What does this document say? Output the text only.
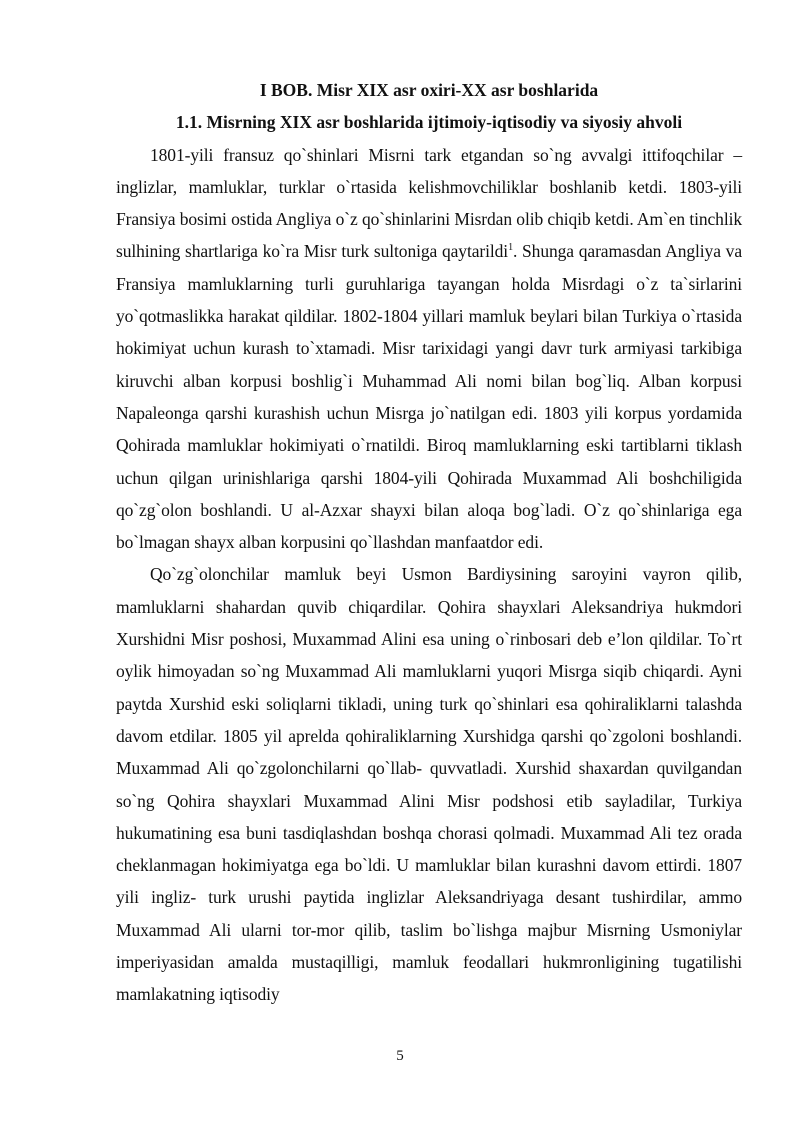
I BOB. Misr XIX asr oxiri-XX asr boshlarida
1.1. Misrning XIX asr boshlarida ijtimoiy-iqtisodiy va siyosiy ahvoli

1801-yili fransuz qo`shinlari Misrni tark etgandan so`ng avvalgi ittifoqchilar – inglizlar, mamluklar, turklar o`rtasida kelishmovchiliklar boshlanib ketdi. 1803-yili Fransiya bosimi ostida Angliya o`z qo`shinlarini Misrdan olib chiqib ketdi. Am`en tinchlik sulhining shartlariga ko`ra Misr turk sultoniga qaytarildi$^1$. Shunga qaramasdan Angliya va Fransiya mamluklarning turli guruhlariga tayangan holda Misrdagi o`z ta`sirlarini yo`qotmaslikka harakat qildilar. 1802-1804 yillari mamluk beylari bilan Turkiya o`rtasida hokimiyat uchun kurash to`xtamadi. Misr tarixidagi yangi davr turk armiyasi tarkibiga kiruvchi alban korpusi boshlig`i Muhammad Ali nomi bilan bog`liq. Alban korpusi Napaleonga qarshi kurashish uchun Misrga jo`natilgan edi. 1803 yili korpus yordamida Qohirada mamluklar hokimiyati o`rnatildi. Biroq mamluklarning eski tartiblarni tiklash uchun qilgan urinishlariga qarshi 1804-yili Qohirada Muxammad Ali boshchiligida qo`zg`olon boshlandi. U al-Azxar shayxi bilan aloqa bog`ladi. O`z qo`shinlariga ega bo`lmagan shayx alban korpusini qo`llashdan manfaatdor edi.

Qo`zg`olonchilar mamluk beyi Usmon Bardiysining saroyini vayron qilib, mamluklarni shahardan quvib chiqardilar. Qohira shayxlari Aleksandriya hukmdori Xurshidni Misr poshosi, Muxammad Alini esa uning o`rinbosari deb e’lon qildilar. To`rt oylik himoyadan so`ng Muxammad Ali mamluklarni yuqori Misrga siqib chiqardi. Ayni paytda Xurshid eski soliqlarni tikladi, uning turk qo`shinlari esa qohiraliklarni talashda davom etdilar. 1805 yil aprelda qohiraliklarning Xurshidga qarshi qo`zgoloni boshlandi. Muxammad Ali qo`zgolonchilarni qo`llab- quvvatladi. Xurshid shaxardan quvilgandan so`ng Qohira shayxlari Muxammad Alini Misr podshosi etib sayladilar, Turkiya hukumatining esa buni tasdiqlashdan boshqa chorasi qolmadi. Muxammad Ali tez orada cheklanmagan hokimiyatga ega bo`ldi. U mamluklar bilan kurashni davom ettirdi. 1807 yili ingliz- turk urushi paytida inglizlar Aleksandriyaga desant tushirdilar, ammo Muxammad Ali ularni tor-mor qilib, taslim bo`lishga majbur Misrning Usmoniylar imperiyasidan amalda mustaqilligi, mamluk feodallari hukmronligining tugatilishi mamlakatning iqtisodiy

5
